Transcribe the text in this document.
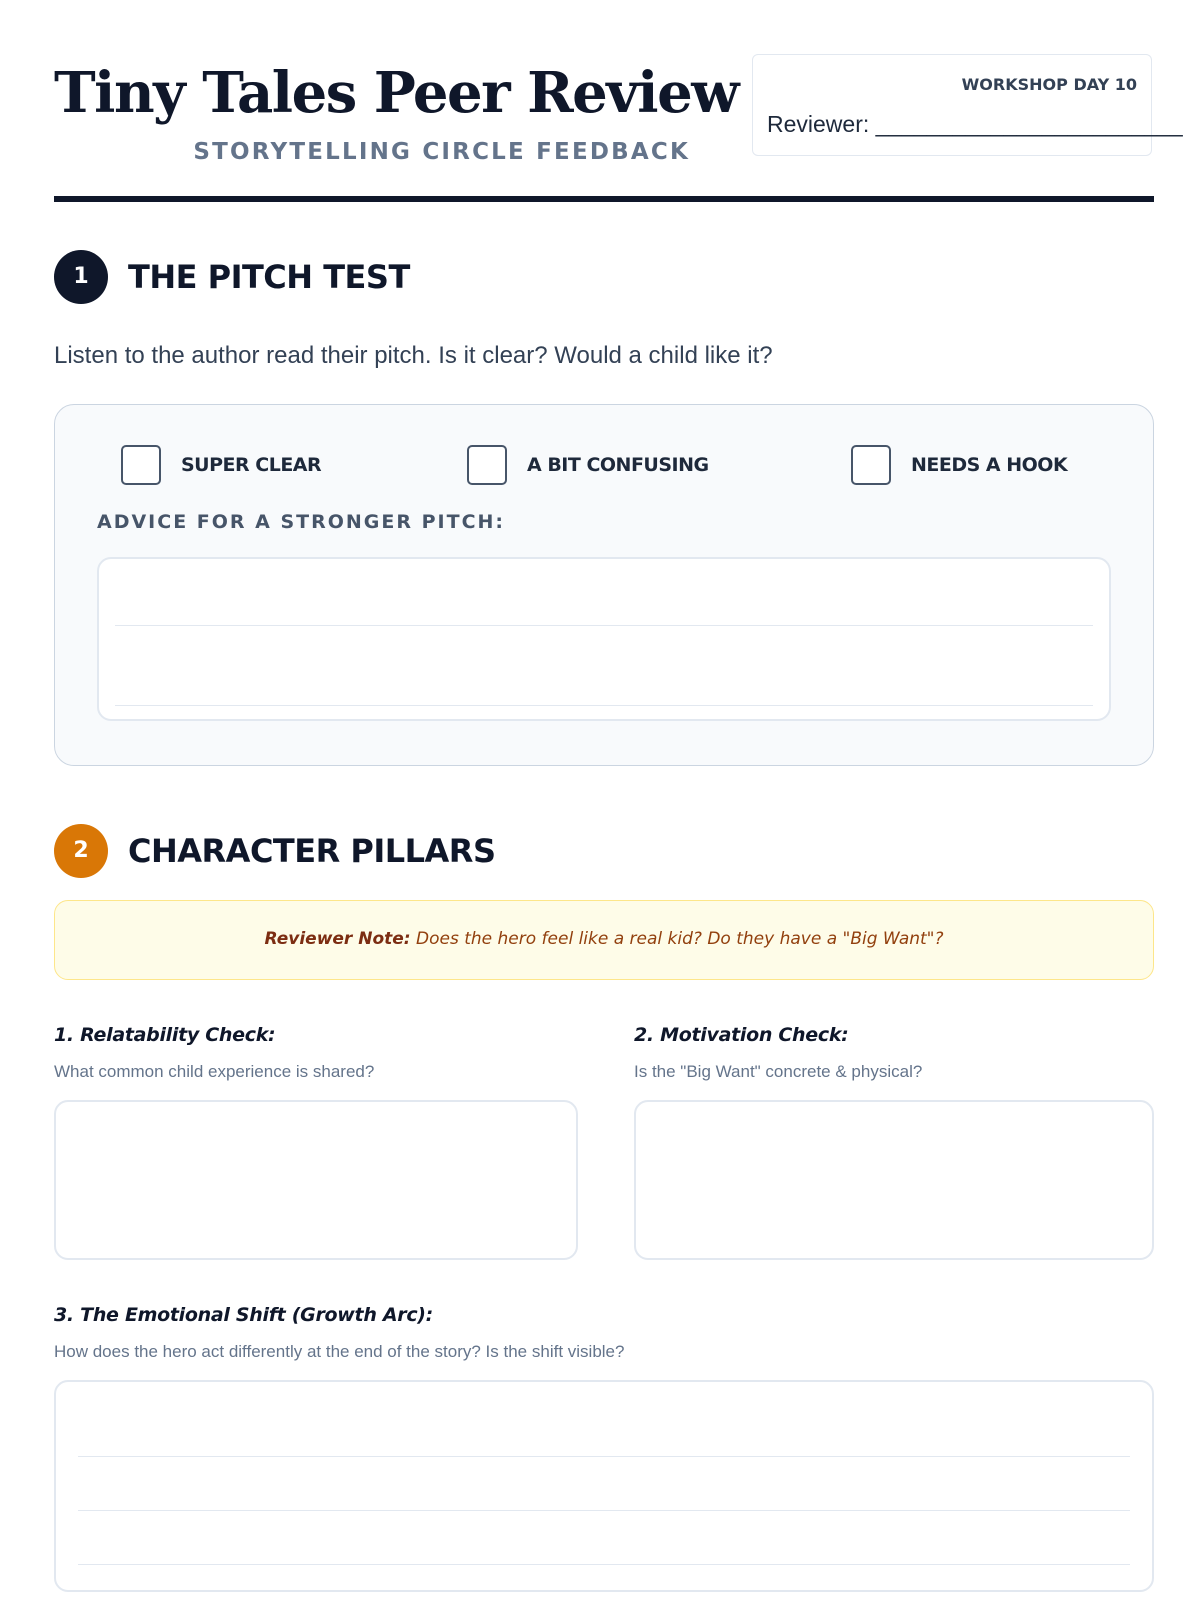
Tiny Tales Peer Review
STORYTELLING CIRCLE FEEDBACK
WORKSHOP DAY 10
Reviewer: ________________________
1	THE PITCH TEST
Listen to the author read their pitch. Is it clear? Would a child like it?
SUPER CLEAR	A BIT CONFUSING	NEEDS A HOOK
ADVICE FOR A STRONGER PITCH:
2	CHARACTER PILLARS
Reviewer Note: Does the hero feel like a real kid? Do they have a "Big Want"?
1. Relatability Check:
What common child experience is shared?
2. Motivation Check:
Is the "Big Want" concrete & physical?
3. The Emotional Shift (Growth Arc):
How does the hero act differently at the end of the story? Is the shift visible?
